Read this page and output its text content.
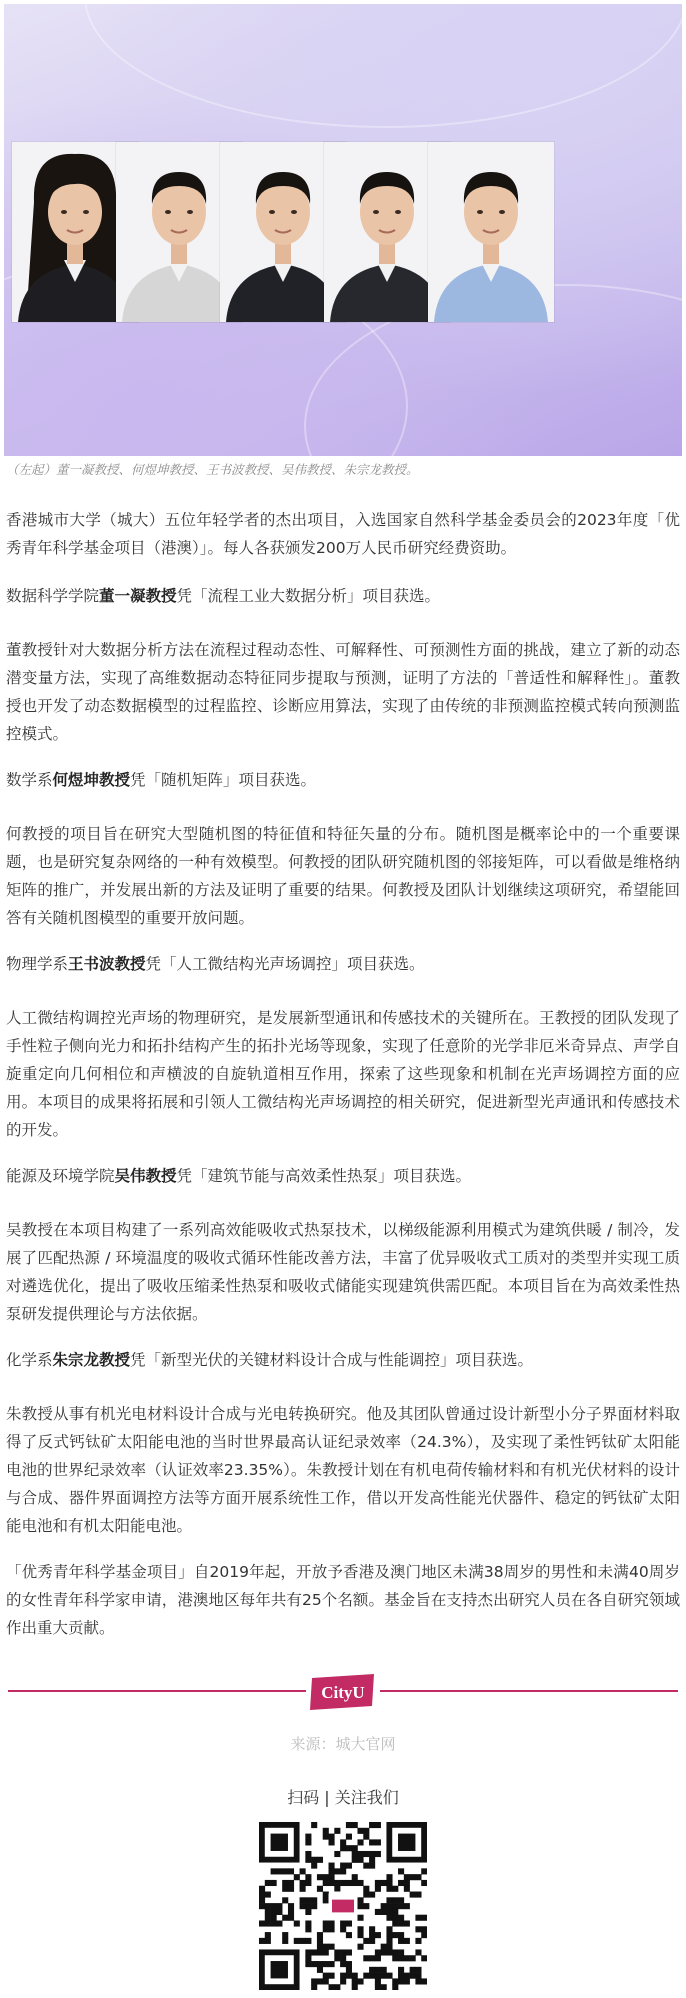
（左起）董一凝教授、何煜坤教授、王书波教授、吴伟教授、朱宗龙教授。
香港城市大学（城大）五位年轻学者的杰出项目，入选国家自然科学基金委员会的2023年度「优秀青年科学基金项目（港澳）」。每人各获颁发200万人民币研究经费资助。
数据科学学院董一凝教授凭「流程工业大数据分析」项目获选。
董教授针对大数据分析方法在流程过程动态性、可解释性、可预测性方面的挑战，建立了新的动态潜变量方法，实现了高维数据动态特征同步提取与预测，证明了方法的「普适性和解释性」。董教授也开发了动态数据模型的过程监控、诊断应用算法，实现了由传统的非预测监控模式转向预测监控模式。
数学系何煜坤教授凭「随机矩阵」项目获选。
何教授的项目旨在研究大型随机图的特征值和特征矢量的分布。随机图是概率论中的一个重要课题，也是研究复杂网络的一种有效模型。何教授的团队研究随机图的邻接矩阵，可以看做是维格纳矩阵的推广，并发展出新的方法及证明了重要的结果。何教授及团队计划继续这项研究，希望能回答有关随机图模型的重要开放问题。
物理学系王书波教授凭「人工微结构光声场调控」项目获选。
人工微结构调控光声场的物理研究，是发展新型通讯和传感技术的关键所在。王教授的团队发现了手性粒子侧向光力和拓扑结构产生的拓扑光场等现象，实现了任意阶的光学非厄米奇异点、声学自旋重定向几何相位和声横波的自旋轨道相互作用，探索了这些现象和机制在光声场调控方面的应用。本项目的成果将拓展和引领人工微结构光声场调控的相关研究，促进新型光声通讯和传感技术的开发。
能源及环境学院吴伟教授凭「建筑节能与高效柔性热泵」项目获选。
吴教授在本项目构建了一系列高效能吸收式热泵技术，以梯级能源利用模式为建筑供暖 / 制冷，发展了匹配热源 / 环境温度的吸收式循环性能改善方法，丰富了优异吸收式工质对的类型并实现工质对遴选优化，提出了吸收压缩柔性热泵和吸收式储能实现建筑供需匹配。本项目旨在为高效柔性热泵研发提供理论与方法依据。
化学系朱宗龙教授凭「新型光伏的关键材料设计合成与性能调控」项目获选。
朱教授从事有机光电材料设计合成与光电转换研究。他及其团队曾通过设计新型小分子界面材料取得了反式钙钛矿太阳能电池的当时世界最高认证纪录效率（24.3%），及实现了柔性钙钛矿太阳能电池的世界纪录效率（认证效率23.35%）。朱教授计划在有机电荷传输材料和有机光伏材料的设计与合成、器件界面调控方法等方面开展系统性工作，借以开发高性能光伏器件、稳定的钙钛矿太阳能电池和有机太阳能电池。
「优秀青年科学基金项目」自2019年起，开放予香港及澳门地区未满38周岁的男性和未满40周岁的女性青年科学家申请，港澳地区每年共有25个名额。基金旨在支持杰出研究人员在各自研究领域作出重大贡献。
CityU
来源：城大官网
扫码 | 关注我们
